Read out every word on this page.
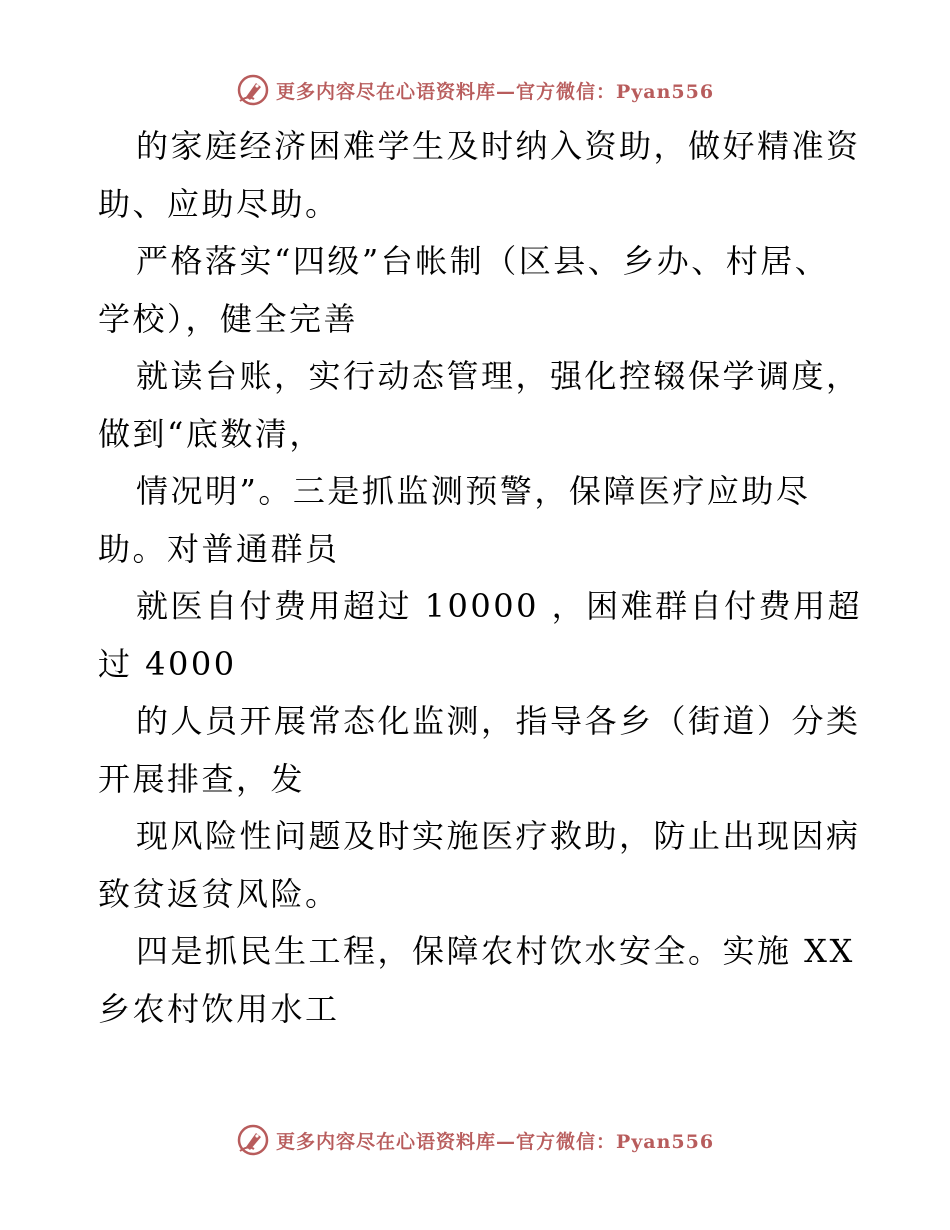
更多内容尽在心语资料库—官方微信：Pyan556
的家庭经济困难学生及时纳入资助，做好精准资
助、应助尽助。
严格落实“四级”台帐制（区县、乡办、村居、
学校），健全完善
就读台账，实行动态管理，强化控辍保学调度，
做到“底数清，
情况明”。三是抓监测预警，保障医疗应助尽
助。对普通群员
就医自付费用超过 10000 ，困难群自付费用超
过 4000
的人员开展常态化监测，指导各乡（街道）分类
开展排查，发
现风险性问题及时实施医疗救助，防止出现因病
致贫返贫风险。
四是抓民生工程，保障农村饮水安全。实施 XX
乡农村饮用水工
更多内容尽在心语资料库—官方微信：Pyan556
